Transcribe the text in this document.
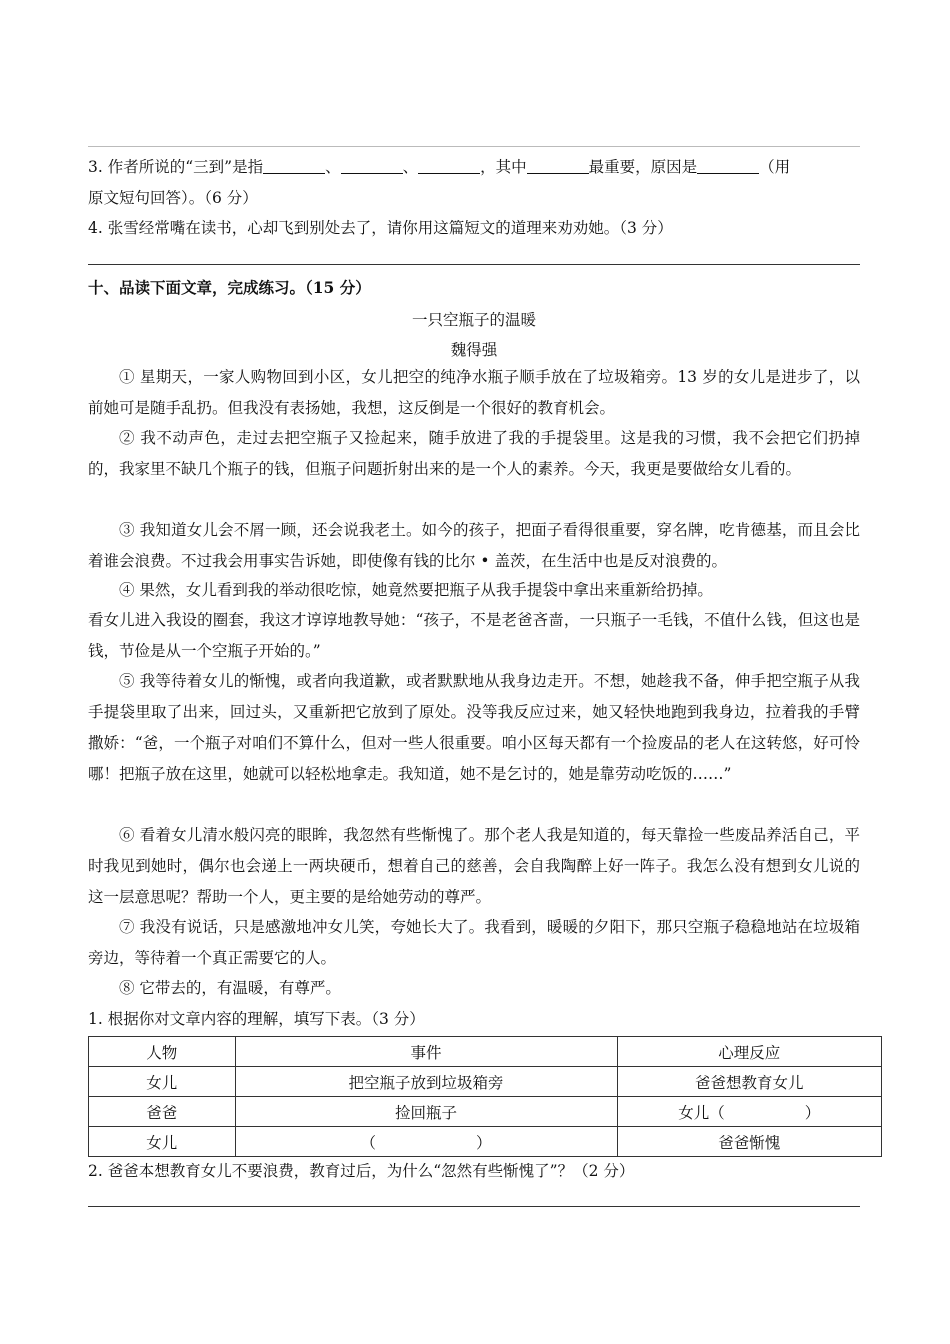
3. 作者所说的“三到”是指	、	、	，其中	最重要，原因是	（用
原文短句回答）。（6 分）
4. 张雪经常嘴在读书，心却飞到别处去了，请你用这篇短文的道理来劝劝她。（3 分）
十、品读下面文章，完成练习。（15 分）
一只空瓶子的温暖
魏得强
① 星期天，一家人购物回到小区，女儿把空的纯净水瓶子顺手放在了垃圾箱旁。13 岁的女儿是进步了，以前她可是随手乱扔。但我没有表扬她，我想，这反倒是一个很好的教育机会。
② 我不动声色，走过去把空瓶子又捡起来，随手放进了我的手提袋里。这是我的习惯，我不会把它们扔掉的，我家里不缺几个瓶子的钱，但瓶子问题折射出来的是一个人的素养。今天，我更是要做给女儿看的。
③ 我知道女儿会不屑一顾，还会说我老土。如今的孩子，把面子看得很重要，穿名牌，吃肯德基，而且会比着谁会浪费。不过我会用事实告诉她，即使像有钱的比尔 • 盖茨，在生活中也是反对浪费的。
④ 果然，女儿看到我的举动很吃惊，她竟然要把瓶子从我手提袋中拿出来重新给扔掉。
看女儿进入我设的圈套，我这才谆谆地教导她：“孩子，不是老爸吝啬，一只瓶子一毛钱，不值什么钱，但这也是钱，节俭是从一个空瓶子开始的。”
⑤ 我等待着女儿的惭愧，或者向我道歉，或者默默地从我身边走开。不想，她趁我不备，伸手把空瓶子从我手提袋里取了出来，回过头，又重新把它放到了原处。没等我反应过来，她又轻快地跑到我身边，拉着我的手臂撒娇：“爸，一个瓶子对咱们不算什么，但对一些人很重要。咱小区每天都有一个捡废品的老人在这转悠，好可怜哪！把瓶子放在这里，她就可以轻松地拿走。我知道，她不是乞讨的，她是靠劳动吃饭的……”
⑥ 看着女儿清水般闪亮的眼眸，我忽然有些惭愧了。那个老人我是知道的，每天靠捡一些废品养活自己，平时我见到她时，偶尔也会递上一两块硬币，想着自己的慈善，会自我陶醉上好一阵子。我怎么没有想到女儿说的这一层意思呢？帮助一个人，更主要的是给她劳动的尊严。
⑦ 我没有说话，只是感激地冲女儿笑，夸她长大了。我看到，暖暖的夕阳下，那只空瓶子稳稳地站在垃圾箱旁边，等待着一个真正需要它的人。
⑧ 它带去的，有温暖，有尊严。
1. 根据你对文章内容的理解，填写下表。（3 分）
人物	事件	心理反应
女儿	把空瓶子放到垃圾箱旁	爸爸想教育女儿
爸爸	捡回瓶子	女儿（ ）
女儿	（ ）	爸爸惭愧
2. 爸爸本想教育女儿不要浪费，教育过后，为什么“忽然有些惭愧了”？（2 分）
